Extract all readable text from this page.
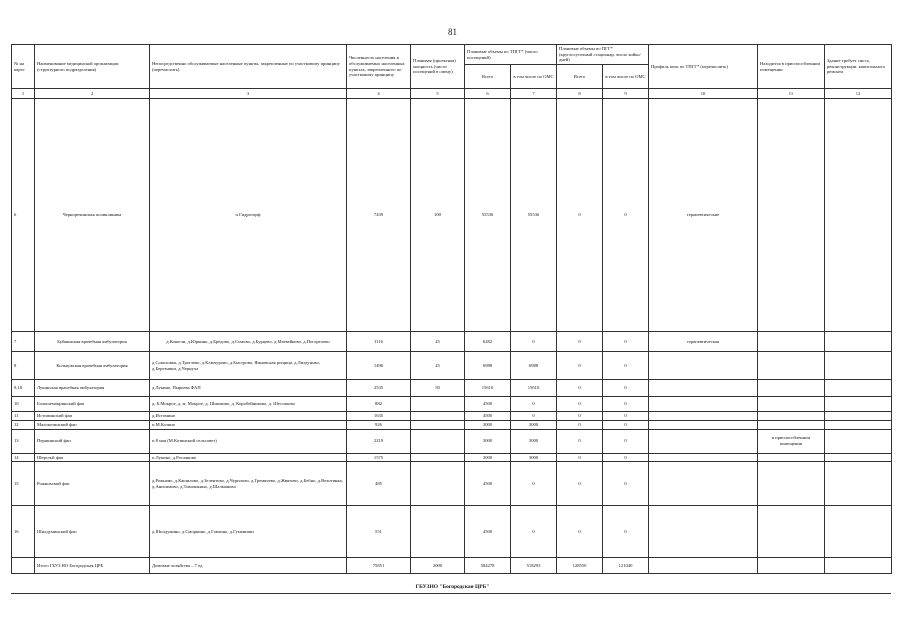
81
№ на карте	Наименование медицинской организации (структурного подразделения)	Непосредственно обслуживаемые населенные пункты, закрепленные по участковому принципу (перечислить)	Численность населения в обслуживаемых населенных пунктах, закрепленного по участковому принципу	Плановая (проектная) мощность (число посещений в смену)	Плановые объемы по ТПГГ* (число посещений)		Плановые объемы по ПГГ* (круглосуточный стационар, число койко/дней)		Профиль коек по ТПГГ* (перечислить)	Находится в приспособленном помещении	Здание требует сноса, реконструкции, капитального ремонта
					Всего	в том числе по ОМС	Всего	в том числе по ОМС			
1	2	3	4	5	6	7	8	9	10	11	12
6	Черноречинская поликлиника	п.Гидроторф	7439	100	55536	55536	0	0	терапевтические		
7	Буйнинская врачебная амбулатория	д.Кошели, д.Юркино, д.Бредово, д.Сомово, д.Бурцево, д.Матвейково, д.Погорелово	1116	25	6282	0	0	0	терапевтическая		
8	Кольцовская врачебная амбулатория	д.Соколовка, д.Троглево, д.Ключурово, д.Быстрово, Ямновская рощица, д.Лиздуново, д.Березники, д.Чернуха	1496	25	6988	6988	0	0			
9,18	Лукинская врачебная амбулатория	д.Лукино, Пырьева ФАП	2535	50	15610	15610	0	0			
10	Большемокринский фап	д. Б.Мокрое, д. м. Мокрое, д. Шишково, д. Коробейниково, д. Шестаково	882		4500	0	0	0			
11	Истоминский фап	д.Истомино	1635		4500	0	0	0			
12	Малокозинский фап	п.М.Козино	926		3000	3000	0	0			
13	Першинский фап	п.8 мая (М.Козинский сельсовет)	2219		3000	3000	0	0		в приспособленном помещении	
14	Шерстьй фап	п.Лукино, д.Росляково	1575		3000	3000	0	0			
15	Рожновский фап	д.Рожново, д.Кашилово, д.Зелентово, д.Чурилово, д.Гремячево, д.Жвятово, д.Бебно, д.Вехотинка, д.Анисимово, д.Тимошкино, д.Шалманово	485		4500	0	0	0			
16	Шилдуминский фап	д.Шилдумино, д.Сморкино, д.Гавлино, д.Гумениши	551		4500	0	0	0			
	Итого ГБУЗ НО Богородская ЦРБ	Домовые хозяйства – 7 ед	75851	2000	584278	518293	128550	121040			
ГБУЗНО "Богородская ЦРБ"
